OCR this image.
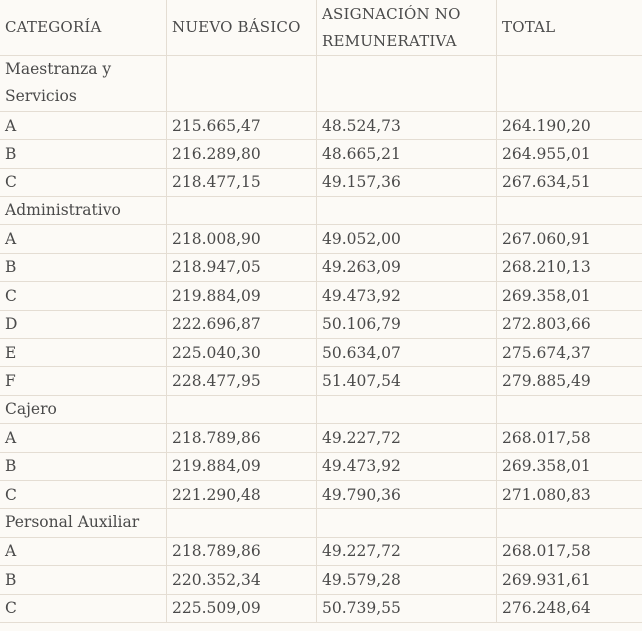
CATEGORÍA	NUEVO BÁSICO	ASIGNACIÓN NO REMUNERATIVA	TOTAL
Maestranza y Servicios			
A	215.665,47	48.524,73	264.190,20
B	216.289,80	48.665,21	264.955,01
C	218.477,15	49.157,36	267.634,51
Administrativo			
A	218.008,90	49.052,00	267.060,91
B	218.947,05	49.263,09	268.210,13
C	219.884,09	49.473,92	269.358,01
D	222.696,87	50.106,79	272.803,66
E	225.040,30	50.634,07	275.674,37
F	228.477,95	51.407,54	279.885,49
Cajero			
A	218.789,86	49.227,72	268.017,58
B	219.884,09	49.473,92	269.358,01
C	221.290,48	49.790,36	271.080,83
Personal Auxiliar			
A	218.789,86	49.227,72	268.017,58
B	220.352,34	49.579,28	269.931,61
C	225.509,09	50.739,55	276.248,64
